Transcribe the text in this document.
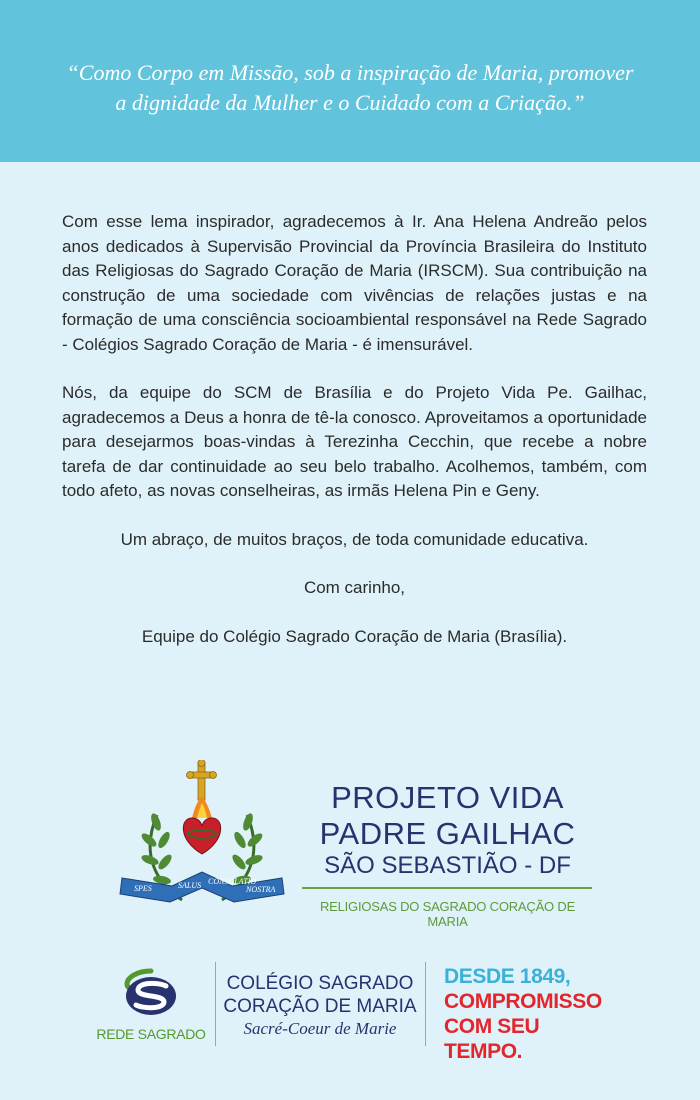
“Como Corpo em Missão, sob a inspiração de Maria, promover
a dignidade da Mulher e o Cuidado com a Criação.”

Com esse lema inspirador, agradecemos à Ir. Ana Helena Andreão pelos anos dedicados à Supervisão Provincial da Província Brasileira do Instituto das Religiosas do Sagrado Coração de Maria (IRSCM). Sua contribuição na construção de uma sociedade com vivências de relações justas e na formação de uma consciência socioambiental responsável na Rede Sagrado - Colégios Sagrado Coração de Maria - é imensurável.

Nós, da equipe do SCM de Brasília e do Projeto Vida Pe. Gailhac, agradecemos a Deus a honra de tê-la conosco. Aproveitamos a oportunidade para desejarmos boas-vindas à Terezinha Cecchin, que recebe a nobre tarefa de dar continuidade ao seu belo trabalho. Acolhemos, também, com todo afeto, as novas conselheiras, as irmãs Helena Pin e Geny.

Um abraço, de muitos braços, de toda comunidade educativa.

Com carinho,

Equipe do Colégio Sagrado Coração de Maria (Brasília).

SPES	SALUS CONSOLATIO
NOSTRA
PROJETO VIDA
PADRE GAILHAC
SÃO SEBASTIÃO - DF
RELIGIOSAS DO SAGRADO CORAÇÃO DE MARIA
REDE SAGRADO
COLÉGIO SAGRADO
CORAÇÃO DE MARIA
Sacré-Coeur de Marie
DESDE 1849,
COMPROMISSO
COM SEU TEMPO.
